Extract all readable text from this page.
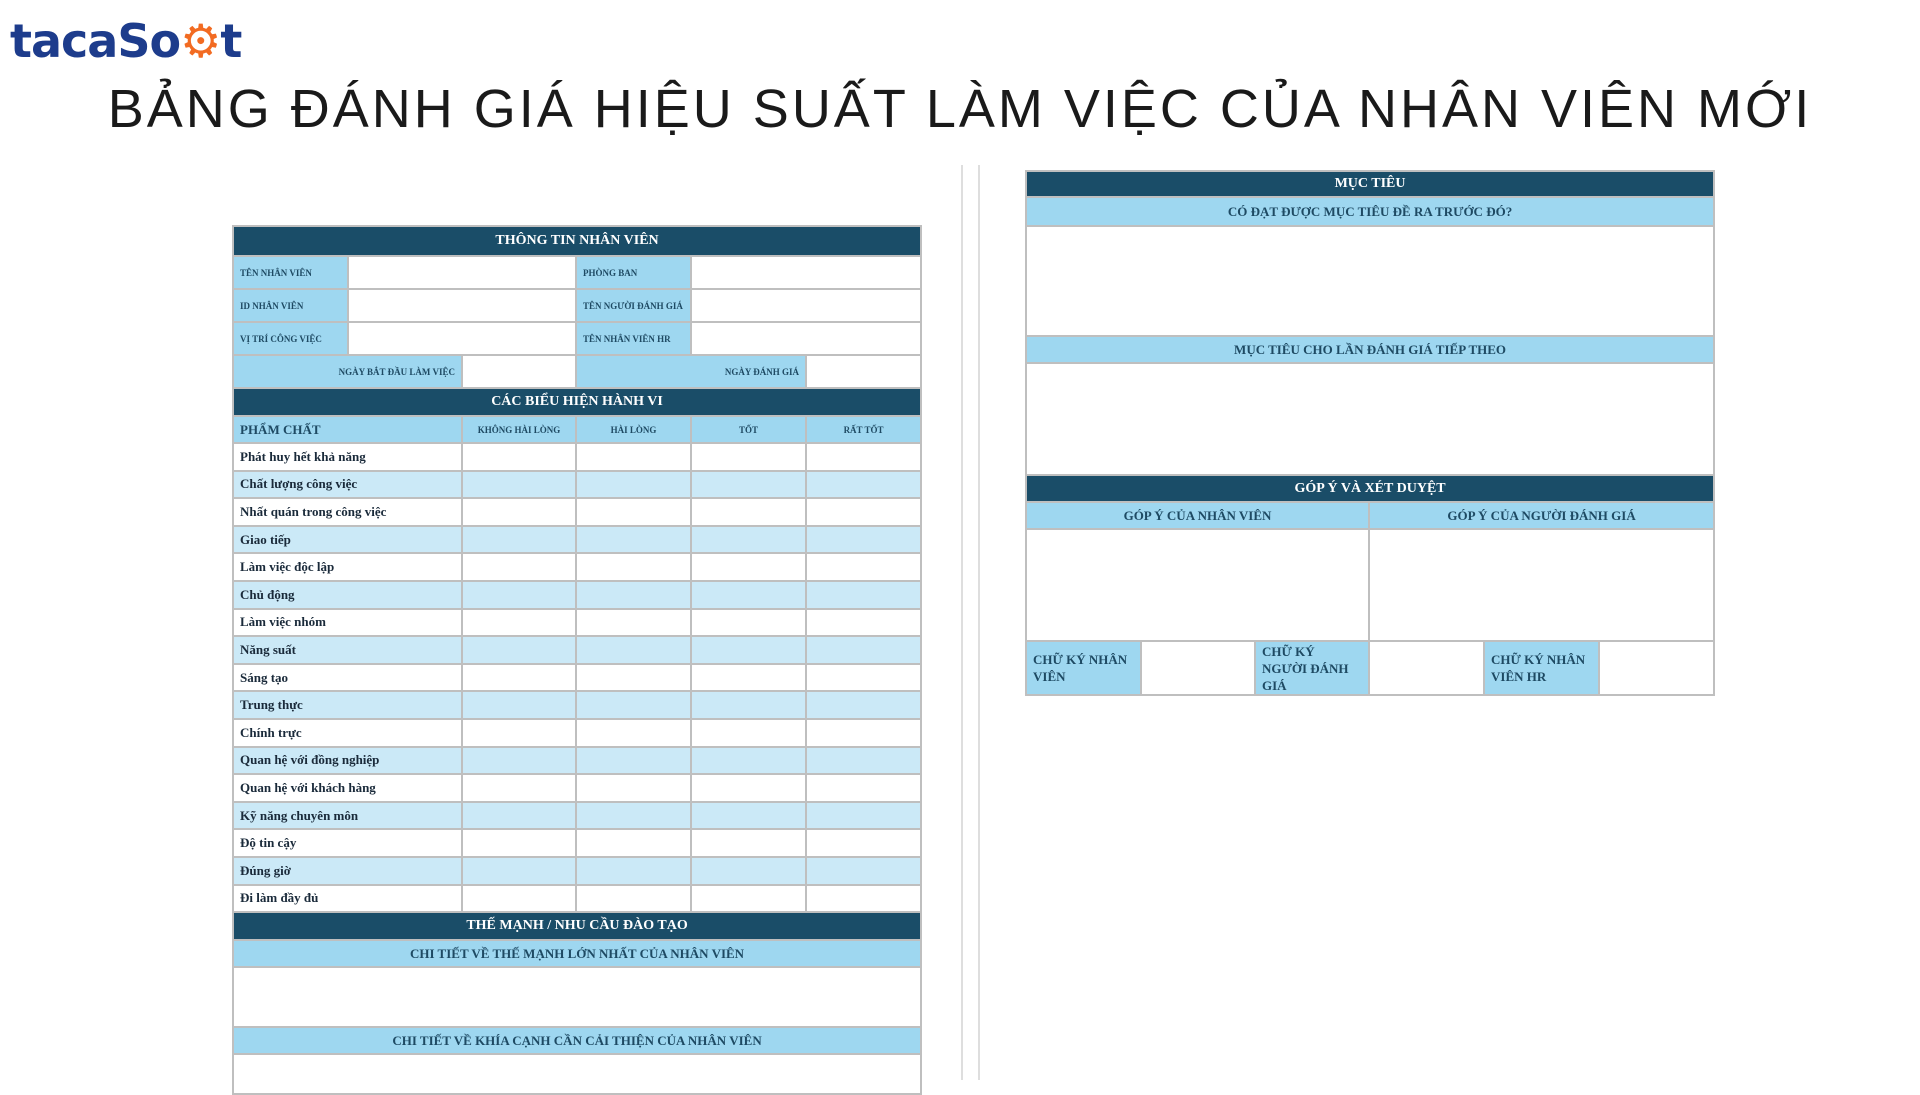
tacaSo⚙t
BẢNG ĐÁNH GIÁ HIỆU SUẤT LÀM VIỆC CỦA NHÂN VIÊN MỚI
THÔNG TIN NHÂN VIÊN					
TÊN NHÂN VIÊN			PHÒNG BAN		
ID NHÂN VIÊN			TÊN NGƯỜI ĐÁNH GIÁ		
VỊ TRÍ CÔNG VIỆC			TÊN NHÂN VIÊN HR		
NGÀY BẮT ĐẦU LÀM VIỆC			NGÀY ĐÁNH GIÁ		
CÁC BIỂU HIỆN HÀNH VI					
PHẨM CHẤT		KHÔNG HÀI LÒNG	HÀI LÒNG	TỐT	RẤT TỐT
Phát huy hết khả năng					
Chất lượng công việc					
Nhất quán trong công việc					
Giao tiếp					
Làm việc độc lập					
Chủ động					
Làm việc nhóm					
Năng suất					
Sáng tạo					
Trung thực					
Chính trực					
Quan hệ với đồng nghiệp					
Quan hệ với khách hàng					
Kỹ năng chuyên môn					
Độ tin cậy					
Đúng giờ					
Đi làm đầy đủ					
THẾ MẠNH / NHU CẦU ĐÀO TẠO					
CHI TIẾT VỀ THẾ MẠNH LỚN NHẤT CỦA NHÂN VIÊN					

CHI TIẾT VỀ KHÍA CẠNH CẦN CẢI THIỆN CỦA NHÂN VIÊN					

MỤC TIÊU					
CÓ ĐẠT ĐƯỢC MỤC TIÊU ĐỀ RA TRƯỚC ĐÓ?					

MỤC TIÊU CHO LẦN ĐÁNH GIÁ TIẾP THEO					

GÓP Ý VÀ XÉT DUYỆT					
GÓP Ý CỦA NHÂN VIÊN			GÓP Ý CỦA NGƯỜI ĐÁNH GIÁ		

CHỮ KÝ NHÂN VIÊN		CHỮ KÝ NGƯỜI ĐÁNH GIÁ		CHỮ KÝ NHÂN VIÊN HR	
